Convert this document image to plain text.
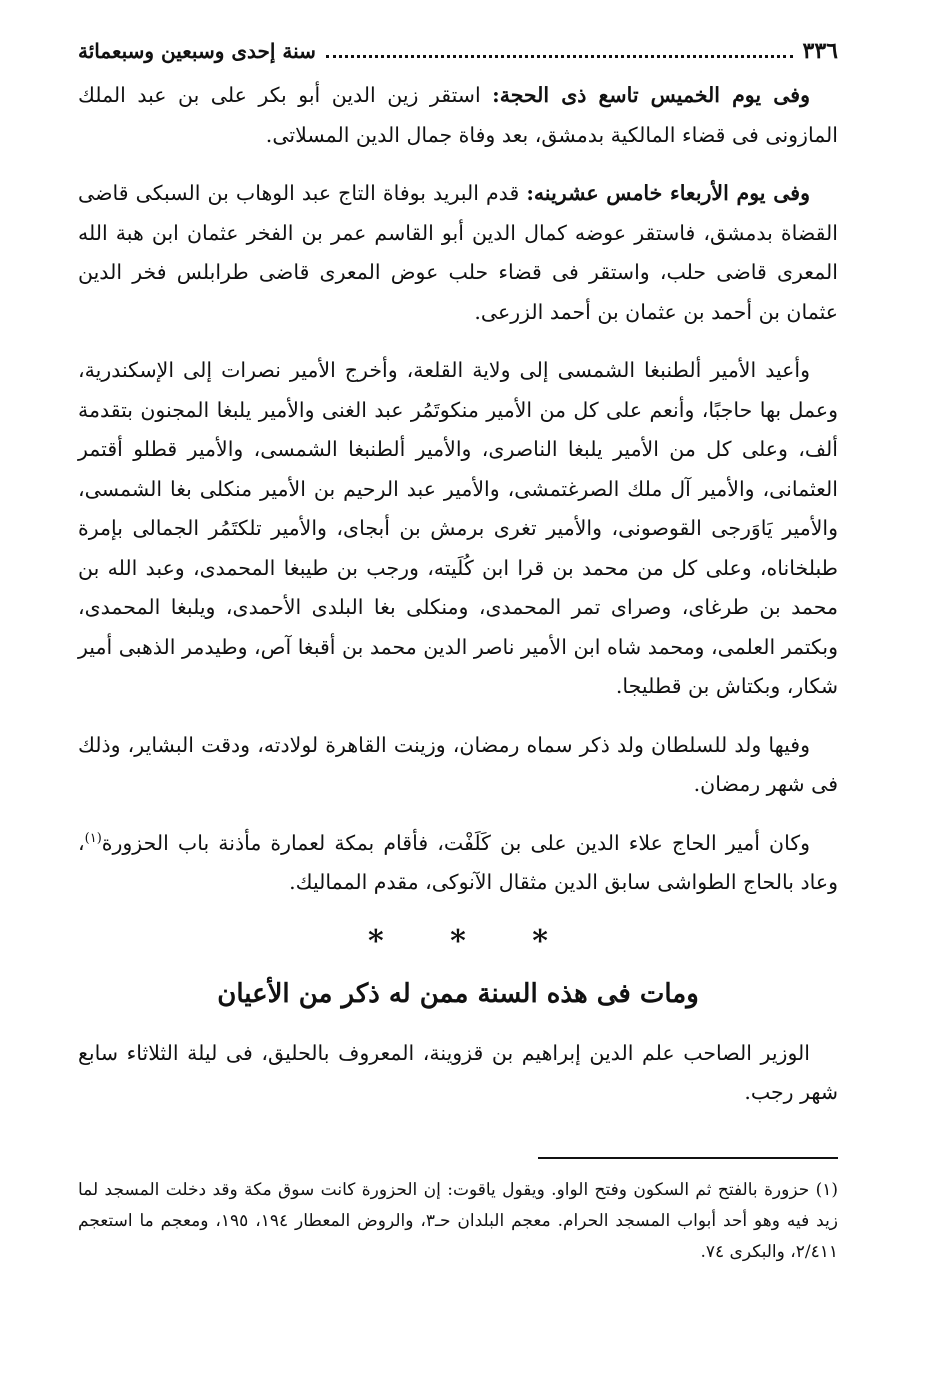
٣٣٦
سنة إحدى وسبعين وسبعمائة

وفى يوم الخميس تاسع ذى الحجة: استقر زين الدين أبو بكر على بن عبد الملك المازونى فى قضاء المالكية بدمشق، بعد وفاة جمال الدين المسلاتى.

وفى يوم الأربعاء خامس عشرينه: قدم البريد بوفاة التاج عبد الوهاب بن السبكى قاضى القضاة بدمشق، فاستقر عوضه كمال الدين أبو القاسم عمر بن الفخر عثمان ابن هبة الله المعرى قاضى حلب، واستقر فى قضاء حلب عوض المعرى قاضى طرابلس فخر الدين عثمان بن أحمد بن عثمان بن أحمد الزرعى.

وأعيد الأمير ألطنبغا الشمسى إلى ولاية القلعة، وأخرج الأمير نصرات إلى الإسكندرية، وعمل بها حاجبًا، وأنعم على كل من الأمير منكوتَمُر عبد الغنى والأمير يلبغا المجنون بتقدمة ألف، وعلى كل من الأمير يلبغا الناصرى، والأمير ألطنبغا الشمسى، والأمير قطلو أقتمر العثمانى، والأمير آل ملك الصرغتمشى، والأمير عبد الرحيم بن الأمير منكلى بغا الشمسى، والأمير يَاوَرجى القوصونى، والأمير تغرى برمش بن أبجاى، والأمير تلكتَمُر الجمالى بإمرة طبلخاناه، وعلى كل من محمد بن قرا ابن كُلَيته، ورجب بن طيبغا المحمدى، وعبد الله بن محمد بن طرغاى، وصراى تمر المحمدى، ومنكلى بغا البلدى الأحمدى، ويلبغا المحمدى، وبكتمر العلمى، ومحمد شاه ابن الأمير ناصر الدين محمد بن أقبغا آص، وطيدمر الذهبى أمير شكار، وبكتاش بن قطليجا.

وفيها ولد للسلطان ولد ذكر سماه رمضان، وزينت القاهرة لولادته، ودقت البشاير، وذلك فى شهر رمضان.

وكان أمير الحاج علاء الدين على بن كَلَفْت، فأقام بمكة لعمارة مأذنة باب الحزورة$^{(١)}$، وعاد بالحاج الطواشى سابق الدين مثقال الآنوكى، مقدم المماليك.

* * *
ومات فى هذه السنة ممن له ذكر من الأعيان

الوزير الصاحب علم الدين إبراهيم بن قزوينة، المعروف بالحليق، فى ليلة الثلاثاء سابع شهر رجب.

(١) حزورة بالفتح ثم السكون وفتح الواو. ويقول ياقوت: إن الحزورة كانت سوق مكة وقد دخلت المسجد لما زيد فيه وهو أحد أبواب المسجد الحرام. معجم البلدان حـ٣، والروض المعطار ١٩٤، ١٩٥، ومعجم ما استعجم ٢/٤١١، والبكرى ٧٤.
